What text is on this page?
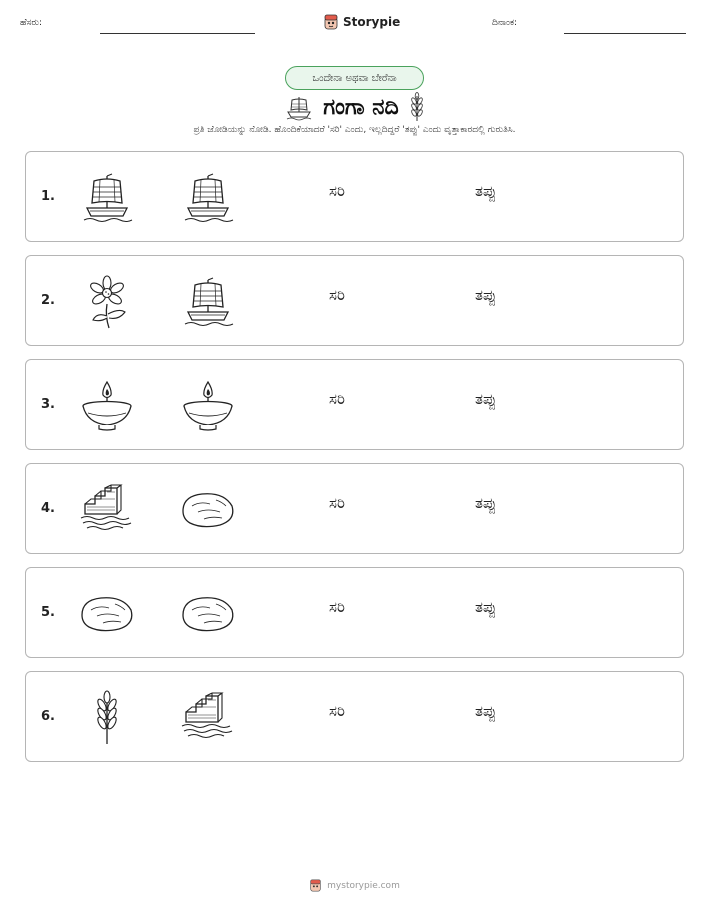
ಹೆಸರು:	Storypie	ದಿನಾಂಕ:
ಒಂದೇನಾ ಅಥವಾ ಬೇರೆನಾ
ಗಂಗಾ ನದಿ
ಪ್ರತಿ ಜೋಡಿಯನ್ನು ನೋಡಿ. ಹೊಂದಿಕೆಯಾದರೆ 'ಸರಿ' ಎಂದು, ಇಲ್ಲದಿದ್ದರೆ 'ತಪ್ಪು' ಎಂದು ವೃತ್ತಾಕಾರದಲ್ಲಿ ಗುರುತಿಸಿ.
1.	ಸರಿ	ತಪ್ಪು
2.	ಸರಿ	ತಪ್ಪು
3.	ಸರಿ	ತಪ್ಪು
4.	ಸರಿ	ತಪ್ಪು
5.	ಸರಿ	ತಪ್ಪು
6.	ಸರಿ	ತಪ್ಪು
mystorypie.com
